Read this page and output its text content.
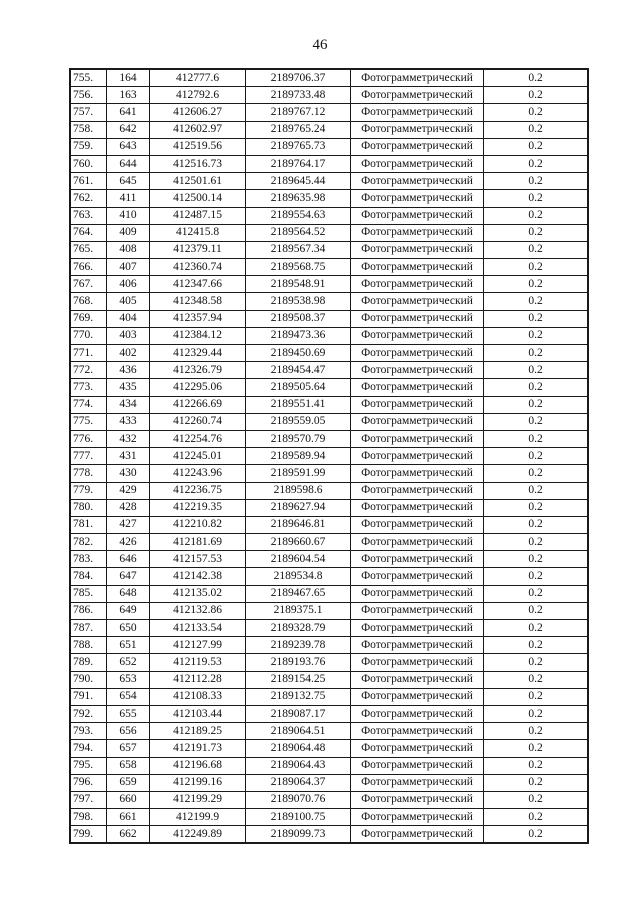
46
755.	164	412777.6	2189706.37	Фотограмметрический	0.2
756.	163	412792.6	2189733.48	Фотограмметрический	0.2
757.	641	412606.27	2189767.12	Фотограмметрический	0.2
758.	642	412602.97	2189765.24	Фотограмметрический	0.2
759.	643	412519.56	2189765.73	Фотограмметрический	0.2
760.	644	412516.73	2189764.17	Фотограмметрический	0.2
761.	645	412501.61	2189645.44	Фотограмметрический	0.2
762.	411	412500.14	2189635.98	Фотограмметрический	0.2
763.	410	412487.15	2189554.63	Фотограмметрический	0.2
764.	409	412415.8	2189564.52	Фотограмметрический	0.2
765.	408	412379.11	2189567.34	Фотограмметрический	0.2
766.	407	412360.74	2189568.75	Фотограмметрический	0.2
767.	406	412347.66	2189548.91	Фотограмметрический	0.2
768.	405	412348.58	2189538.98	Фотограмметрический	0.2
769.	404	412357.94	2189508.37	Фотограмметрический	0.2
770.	403	412384.12	2189473.36	Фотограмметрический	0.2
771.	402	412329.44	2189450.69	Фотограмметрический	0.2
772.	436	412326.79	2189454.47	Фотограмметрический	0.2
773.	435	412295.06	2189505.64	Фотограмметрический	0.2
774.	434	412266.69	2189551.41	Фотограмметрический	0.2
775.	433	412260.74	2189559.05	Фотограмметрический	0.2
776.	432	412254.76	2189570.79	Фотограмметрический	0.2
777.	431	412245.01	2189589.94	Фотограмметрический	0.2
778.	430	412243.96	2189591.99	Фотограмметрический	0.2
779.	429	412236.75	2189598.6	Фотограмметрический	0.2
780.	428	412219.35	2189627.94	Фотограмметрический	0.2
781.	427	412210.82	2189646.81	Фотограмметрический	0.2
782.	426	412181.69	2189660.67	Фотограмметрический	0.2
783.	646	412157.53	2189604.54	Фотограмметрический	0.2
784.	647	412142.38	2189534.8	Фотограмметрический	0.2
785.	648	412135.02	2189467.65	Фотограмметрический	0.2
786.	649	412132.86	2189375.1	Фотограмметрический	0.2
787.	650	412133.54	2189328.79	Фотограмметрический	0.2
788.	651	412127.99	2189239.78	Фотограмметрический	0.2
789.	652	412119.53	2189193.76	Фотограмметрический	0.2
790.	653	412112.28	2189154.25	Фотограмметрический	0.2
791.	654	412108.33	2189132.75	Фотограмметрический	0.2
792.	655	412103.44	2189087.17	Фотограмметрический	0.2
793.	656	412189.25	2189064.51	Фотограмметрический	0.2
794.	657	412191.73	2189064.48	Фотограмметрический	0.2
795.	658	412196.68	2189064.43	Фотограмметрический	0.2
796.	659	412199.16	2189064.37	Фотограмметрический	0.2
797.	660	412199.29	2189070.76	Фотограмметрический	0.2
798.	661	412199.9	2189100.75	Фотограмметрический	0.2
799.	662	412249.89	2189099.73	Фотограмметрический	0.2
